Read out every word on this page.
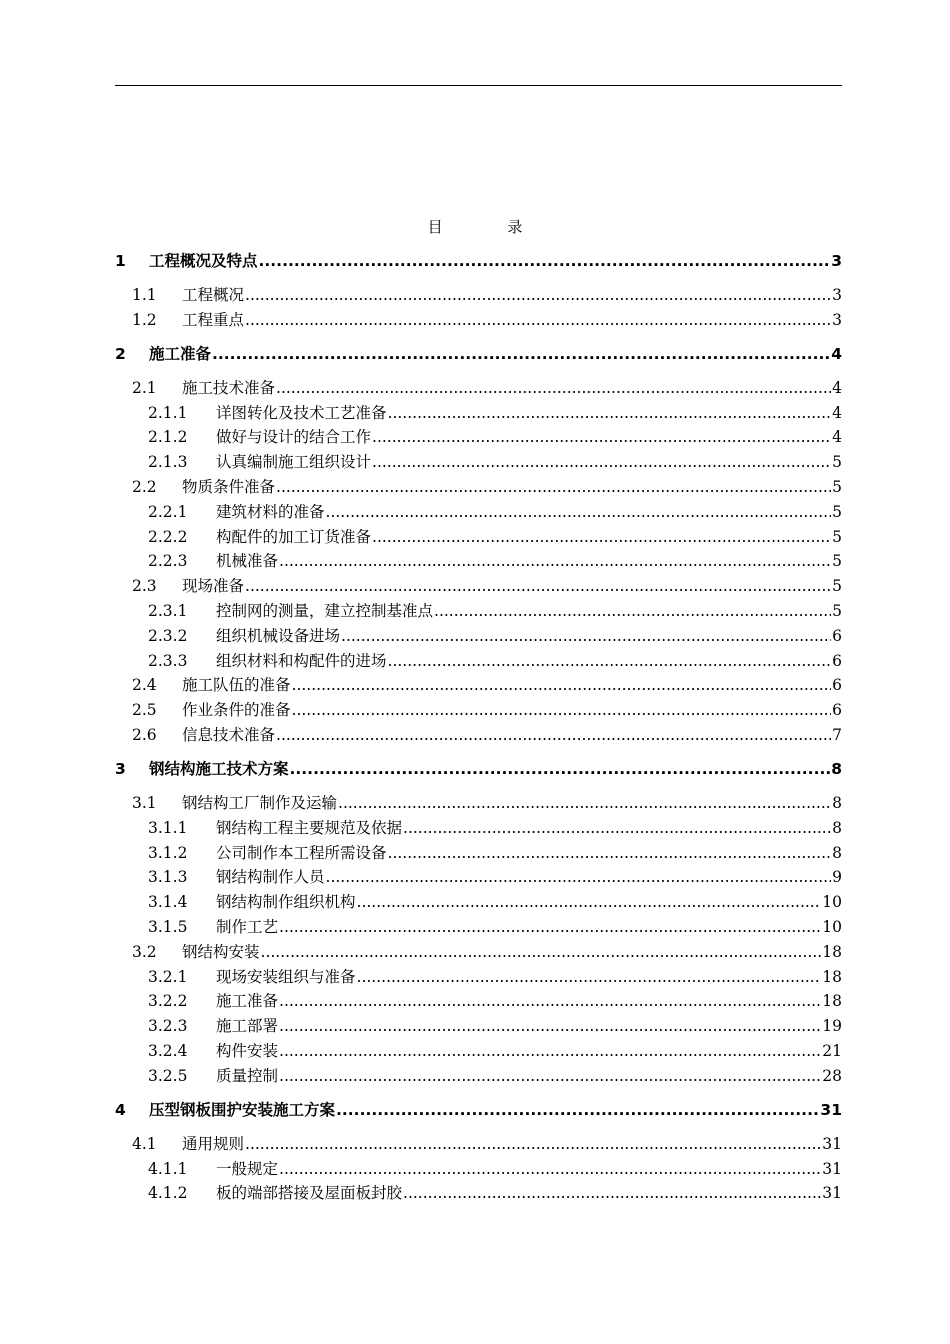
目 录
1	工程概况及特点 .....	3
1.1	工程概况 .....	3
1.2	工程重点 .....	3
2	施工准备 .....	4
2.1	施工技术准备 .....	4
2.1.1	详图转化及技术工艺准备 .....	4
2.1.2	做好与设计的结合工作 .....	4
2.1.3	认真编制施工组织设计 .....	5
2.2	物质条件准备 .....	5
2.2.1	建筑材料的准备 .....	5
2.2.2	构配件的加工订货准备 .....	5
2.2.3	机械准备 .....	5
2.3	现场准备 .....	5
2.3.1	控制网的测量，建立控制基准点 .....	5
2.3.2	组织机械设备进场 .....	6
2.3.3	组织材料和构配件的进场 .....	6
2.4	施工队伍的准备 .....	6
2.5	作业条件的准备 .....	6
2.6	信息技术准备 .....	7
3	钢结构施工技术方案 .....	8
3.1	钢结构工厂制作及运输 .....	8
3.1.1	钢结构工程主要规范及依据 .....	8
3.1.2	公司制作本工程所需设备 .....	8
3.1.3	钢结构制作人员 .....	9
3.1.4	钢结构制作组织机构 .....	10
3.1.5	制作工艺 .....	10
3.2	钢结构安装 .....	18
3.2.1	现场安装组织与准备 .....	18
3.2.2	施工准备 .....	18
3.2.3	施工部署 .....	19
3.2.4	构件安装 .....	21
3.2.5	质量控制 .....	28
4	压型钢板围护安装施工方案 .....	31
4.1	通用规则 .....	31
4.1.1	一般规定 .....	31
4.1.2	板的端部搭接及屋面板封胶 .....	31
